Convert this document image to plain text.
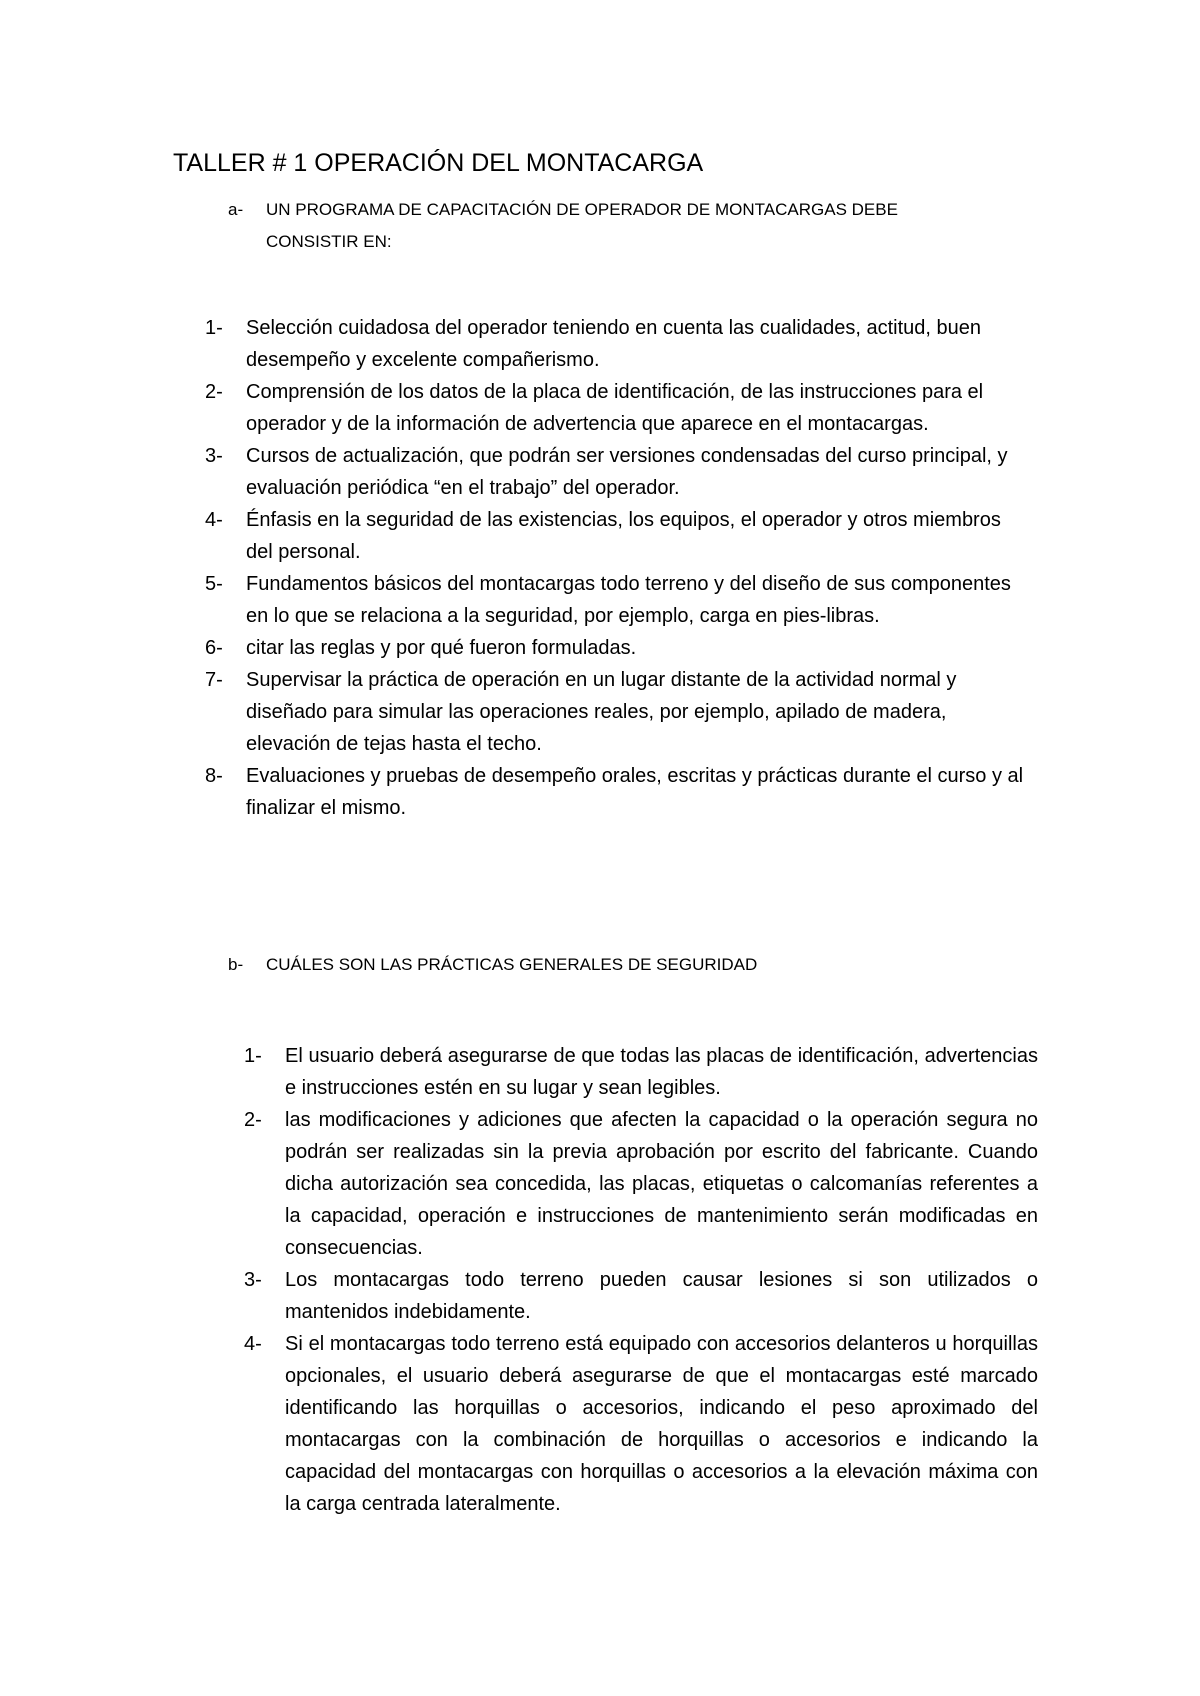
TALLER # 1 OPERACIÓN DEL MONTACARGA
a- UN PROGRAMA DE CAPACITACIÓN DE OPERADOR DE MONTACARGAS DEBE CONSISTIR EN:
1- Selección cuidadosa del operador teniendo en cuenta las cualidades, actitud, buen desempeño y excelente compañerismo.
2- Comprensión de los datos de la placa de identificación, de las instrucciones para el operador y de la información de advertencia que aparece en el montacargas.
3- Cursos de actualización, que podrán ser versiones condensadas del curso principal, y evaluación periódica “en el trabajo” del operador.
4- Énfasis en la seguridad de las existencias, los equipos, el operador y otros miembros del personal.
5- Fundamentos básicos del montacargas todo terreno y del diseño de sus componentes en lo que se relaciona a la seguridad, por ejemplo, carga en pies-libras.
6- citar las reglas y por qué fueron formuladas.
7- Supervisar la práctica de operación en un lugar distante de la actividad normal y diseñado para simular las operaciones reales, por ejemplo, apilado de madera, elevación de tejas hasta el techo.
8- Evaluaciones y pruebas de desempeño orales, escritas y prácticas durante el curso y al finalizar el mismo.
b- CUÁLES SON LAS PRÁCTICAS GENERALES DE SEGURIDAD
1- El usuario deberá asegurarse de que todas las placas de identificación, advertencias e instrucciones estén en su lugar y sean legibles.
2- las modificaciones y adiciones que afecten la capacidad o la operación segura no podrán ser realizadas sin la previa aprobación por escrito del fabricante. Cuando dicha autorización sea concedida, las placas, etiquetas o calcomanías referentes a la capacidad, operación e instrucciones de mantenimiento serán modificadas en consecuencias.
3- Los montacargas todo terreno pueden causar lesiones si son utilizados o mantenidos indebidamente.
4- Si el montacargas todo terreno está equipado con accesorios delanteros u horquillas opcionales, el usuario deberá asegurarse de que el montacargas esté marcado identificando las horquillas o accesorios, indicando el peso aproximado del montacargas con la combinación de horquillas o accesorios e indicando la capacidad del montacargas con horquillas o accesorios a la elevación máxima con la carga centrada lateralmente.
